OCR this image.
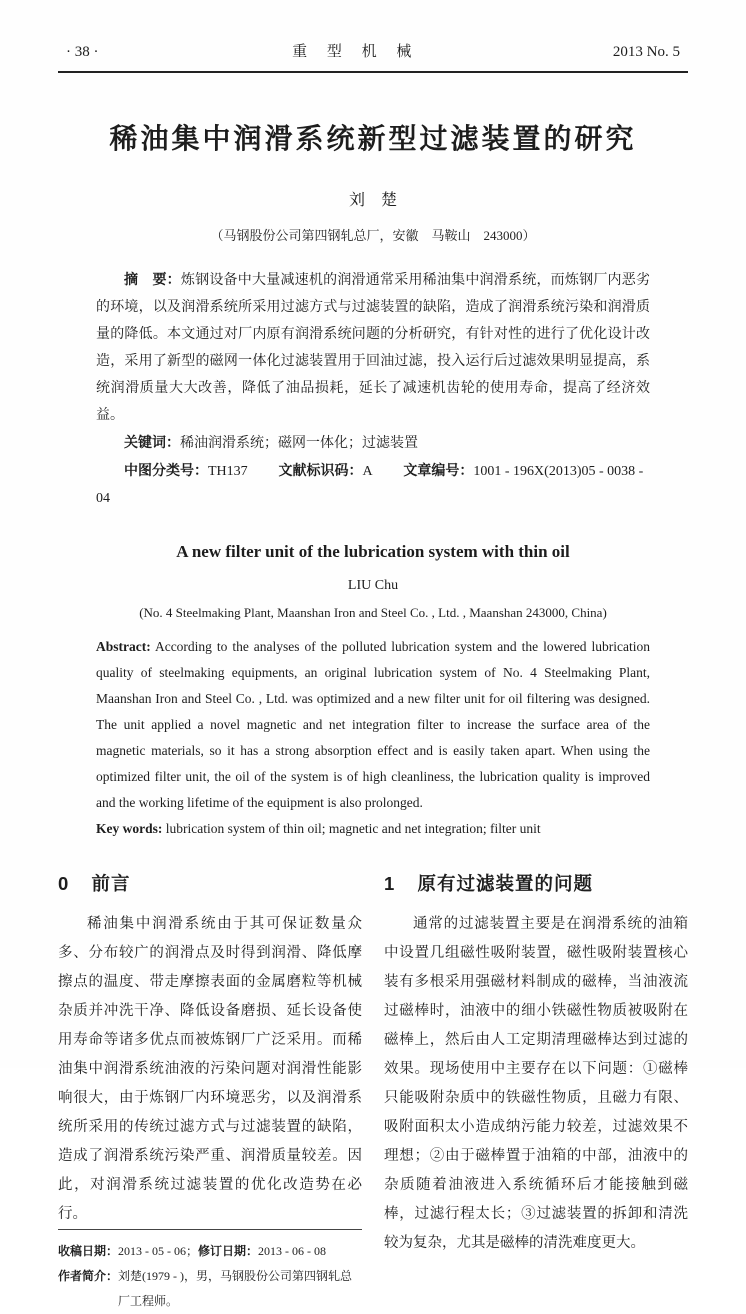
· 38 ·	重 型 机 械	2013 No. 5
稀油集中润滑系统新型过滤装置的研究
刘　楚
（马钢股份公司第四钢轧总厂，安徽　马鞍山　243000）

摘　要：炼钢设备中大量减速机的润滑通常采用稀油集中润滑系统，而炼钢厂内恶劣的环境，以及润滑系统所采用过滤方式与过滤装置的缺陷，造成了润滑系统污染和润滑质量的降低。本文通过对厂内原有润滑系统问题的分析研究，有针对性的进行了优化设计改造，采用了新型的磁网一体化过滤装置用于回油过滤，投入运行后过滤效果明显提高，系统润滑质量大大改善，降低了油品损耗，延长了减速机齿轮的使用寿命，提高了经济效益。

关键词：稀油润滑系统；磁网一体化；过滤装置

中图分类号：TH137 文献标识码：A 文章编号：1001 - 196X(2013)05 - 0038 - 04

A new filter unit of the lubrication system with thin oil
LIU Chu
(No. 4 Steelmaking Plant, Maanshan Iron and Steel Co. , Ltd. , Maanshan 243000, China)

Abstract: According to the analyses of the polluted lubrication system and the lowered lubrication quality of steelmaking equipments, an original lubrication system of No. 4 Steelmaking Plant, Maanshan Iron and Steel Co. , Ltd. was optimized and a new filter unit for oil filtering was designed. The unit applied a novel magnetic and net integration filter to increase the surface area of the magnetic materials, so it has a strong absorption effect and is easily taken apart. When using the optimized filter unit, the oil of the system is of high cleanliness, the lubrication quality is improved and the working lifetime of the equipment is also prolonged.

Key words: lubrication system of thin oil; magnetic and net integration; filter unit

0 前言

稀油集中润滑系统由于其可保证数量众多、分布较广的润滑点及时得到润滑、降低摩擦点的温度、带走摩擦表面的金属磨粒等机械杂质并冲洗干净、降低设备磨损、延长设备使用寿命等诸多优点而被炼钢厂广泛采用。而稀油集中润滑系统油液的污染问题对润滑性能影响很大，由于炼钢厂内环境恶劣，以及润滑系统所采用的传统过滤方式与过滤装置的缺陷，造成了润滑系统污染严重、润滑质量较差。因此，对润滑系统过滤装置的优化改造势在必行。

收稿日期：2013 - 05 - 06；修订日期：2013 - 06 - 08

作者简介：刘楚(1979 - )，男，马钢股份公司第四钢轧总厂工程师。

1 原有过滤装置的问题

通常的过滤装置主要是在润滑系统的油箱中设置几组磁性吸附装置，磁性吸附装置核心装有多根采用强磁材料制成的磁棒，当油液流过磁棒时，油液中的细小铁磁性物质被吸附在磁棒上，然后由人工定期清理磁棒达到过滤的效果。现场使用中主要存在以下问题：①磁棒只能吸附杂质中的铁磁性物质，且磁力有限、吸附面积太小造成纳污能力较差，过滤效果不理想；②由于磁棒置于油箱的中部，油液中的杂质随着油液进入系统循环后才能接触到磁棒，过滤行程太长；③过滤装置的拆卸和清洗较为复杂，尤其是磁棒的清洗难度更大。
